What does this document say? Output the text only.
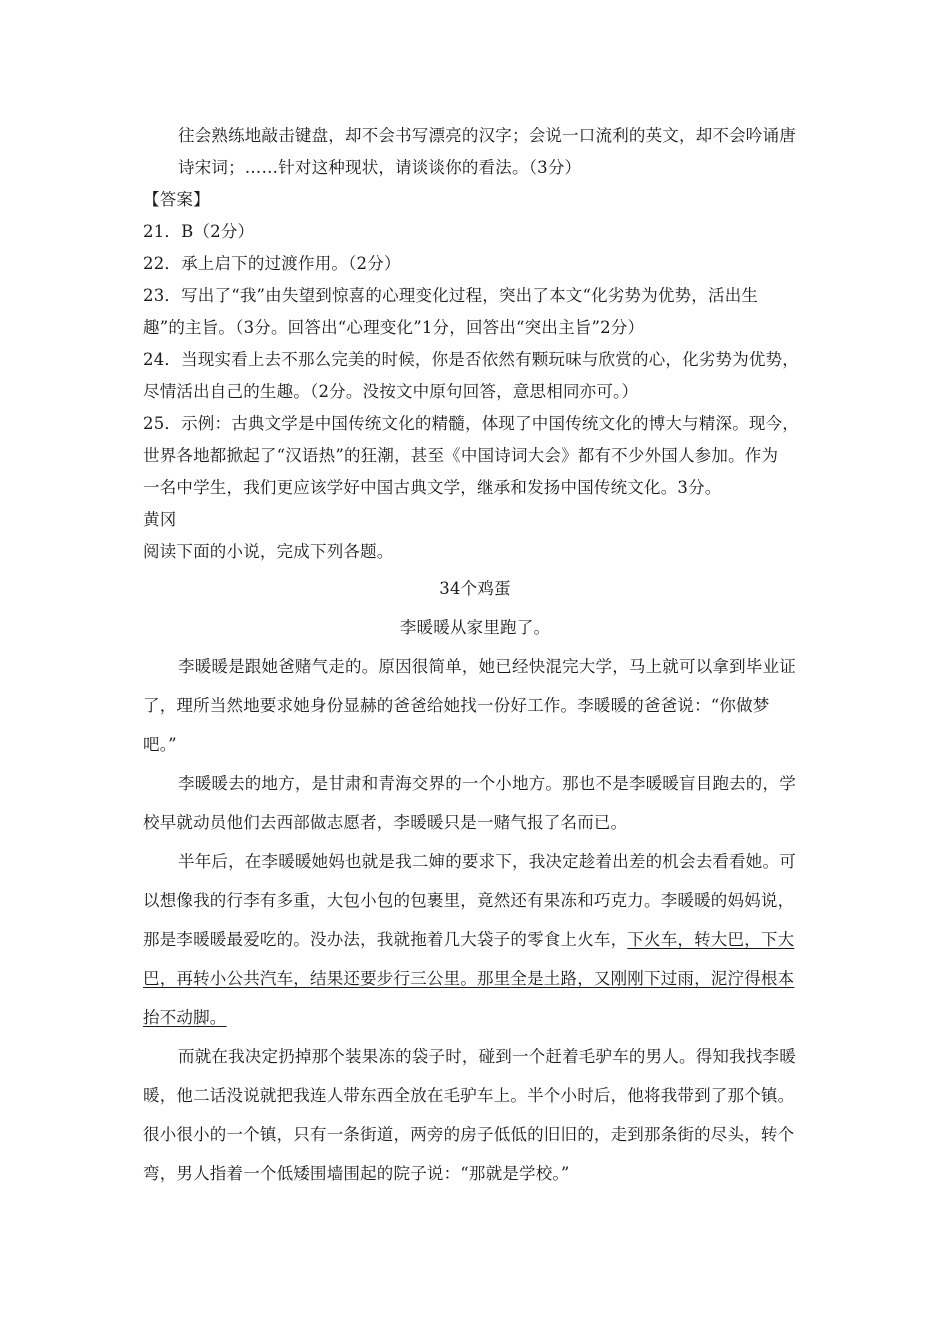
往会熟练地敲击键盘，却不会书写漂亮的汉字；会说一口流利的英文，却不会吟诵唐
诗宋词；……针对这种现状，请谈谈你的看法。（3分）
【答案】
21．B（2分）
22．承上启下的过渡作用。（2分）
23．写出了“我”由失望到惊喜的心理变化过程，突出了本文“化劣势为优势，活出生
趣”的主旨。（3分。回答出“心理变化”1分，回答出“突出主旨”2分）
24．当现实看上去不那么完美的时候，你是否依然有颗玩味与欣赏的心，化劣势为优势，
尽情活出自己的生趣。（2分。没按文中原句回答，意思相同亦可。）
25．示例：古典文学是中国传统文化的精髓，体现了中国传统文化的博大与精深。现今，
世界各地都掀起了“汉语热”的狂潮，甚至《中国诗词大会》都有不少外国人参加。作为
一名中学生，我们更应该学好中国古典文学，继承和发扬中国传统文化。3分。
黄冈
阅读下面的小说，完成下列各题。
34个鸡蛋
李暖暖从家里跑了。
李暖暖是跟她爸赌气走的。原因很简单，她已经快混完大学，马上就可以拿到毕业证
了，理所当然地要求她身份显赫的爸爸给她找一份好工作。李暖暖的爸爸说：“你做梦
吧。”
李暖暖去的地方，是甘肃和青海交界的一个小地方。那也不是李暖暖盲目跑去的，学
校早就动员他们去西部做志愿者，李暖暖只是一赌气报了名而已。
半年后，在李暖暖她妈也就是我二婶的要求下，我决定趁着出差的机会去看看她。可
以想像我的行李有多重，大包小包的包裹里，竟然还有果冻和巧克力。李暖暖的妈妈说，
那是李暖暖最爱吃的。没办法，我就拖着几大袋子的零食上火车，下火车，转大巴，下大
巴，再转小公共汽车，结果还要步行三公里。那里全是土路，又刚刚下过雨，泥泞得根本
抬不动脚。
而就在我决定扔掉那个装果冻的袋子时，碰到一个赶着毛驴车的男人。得知我找李暖
暖，他二话没说就把我连人带东西全放在毛驴车上。半个小时后，他将我带到了那个镇。
很小很小的一个镇，只有一条街道，两旁的房子低低的旧旧的，走到那条街的尽头，转个
弯，男人指着一个低矮围墙围起的院子说：“那就是学校。”
